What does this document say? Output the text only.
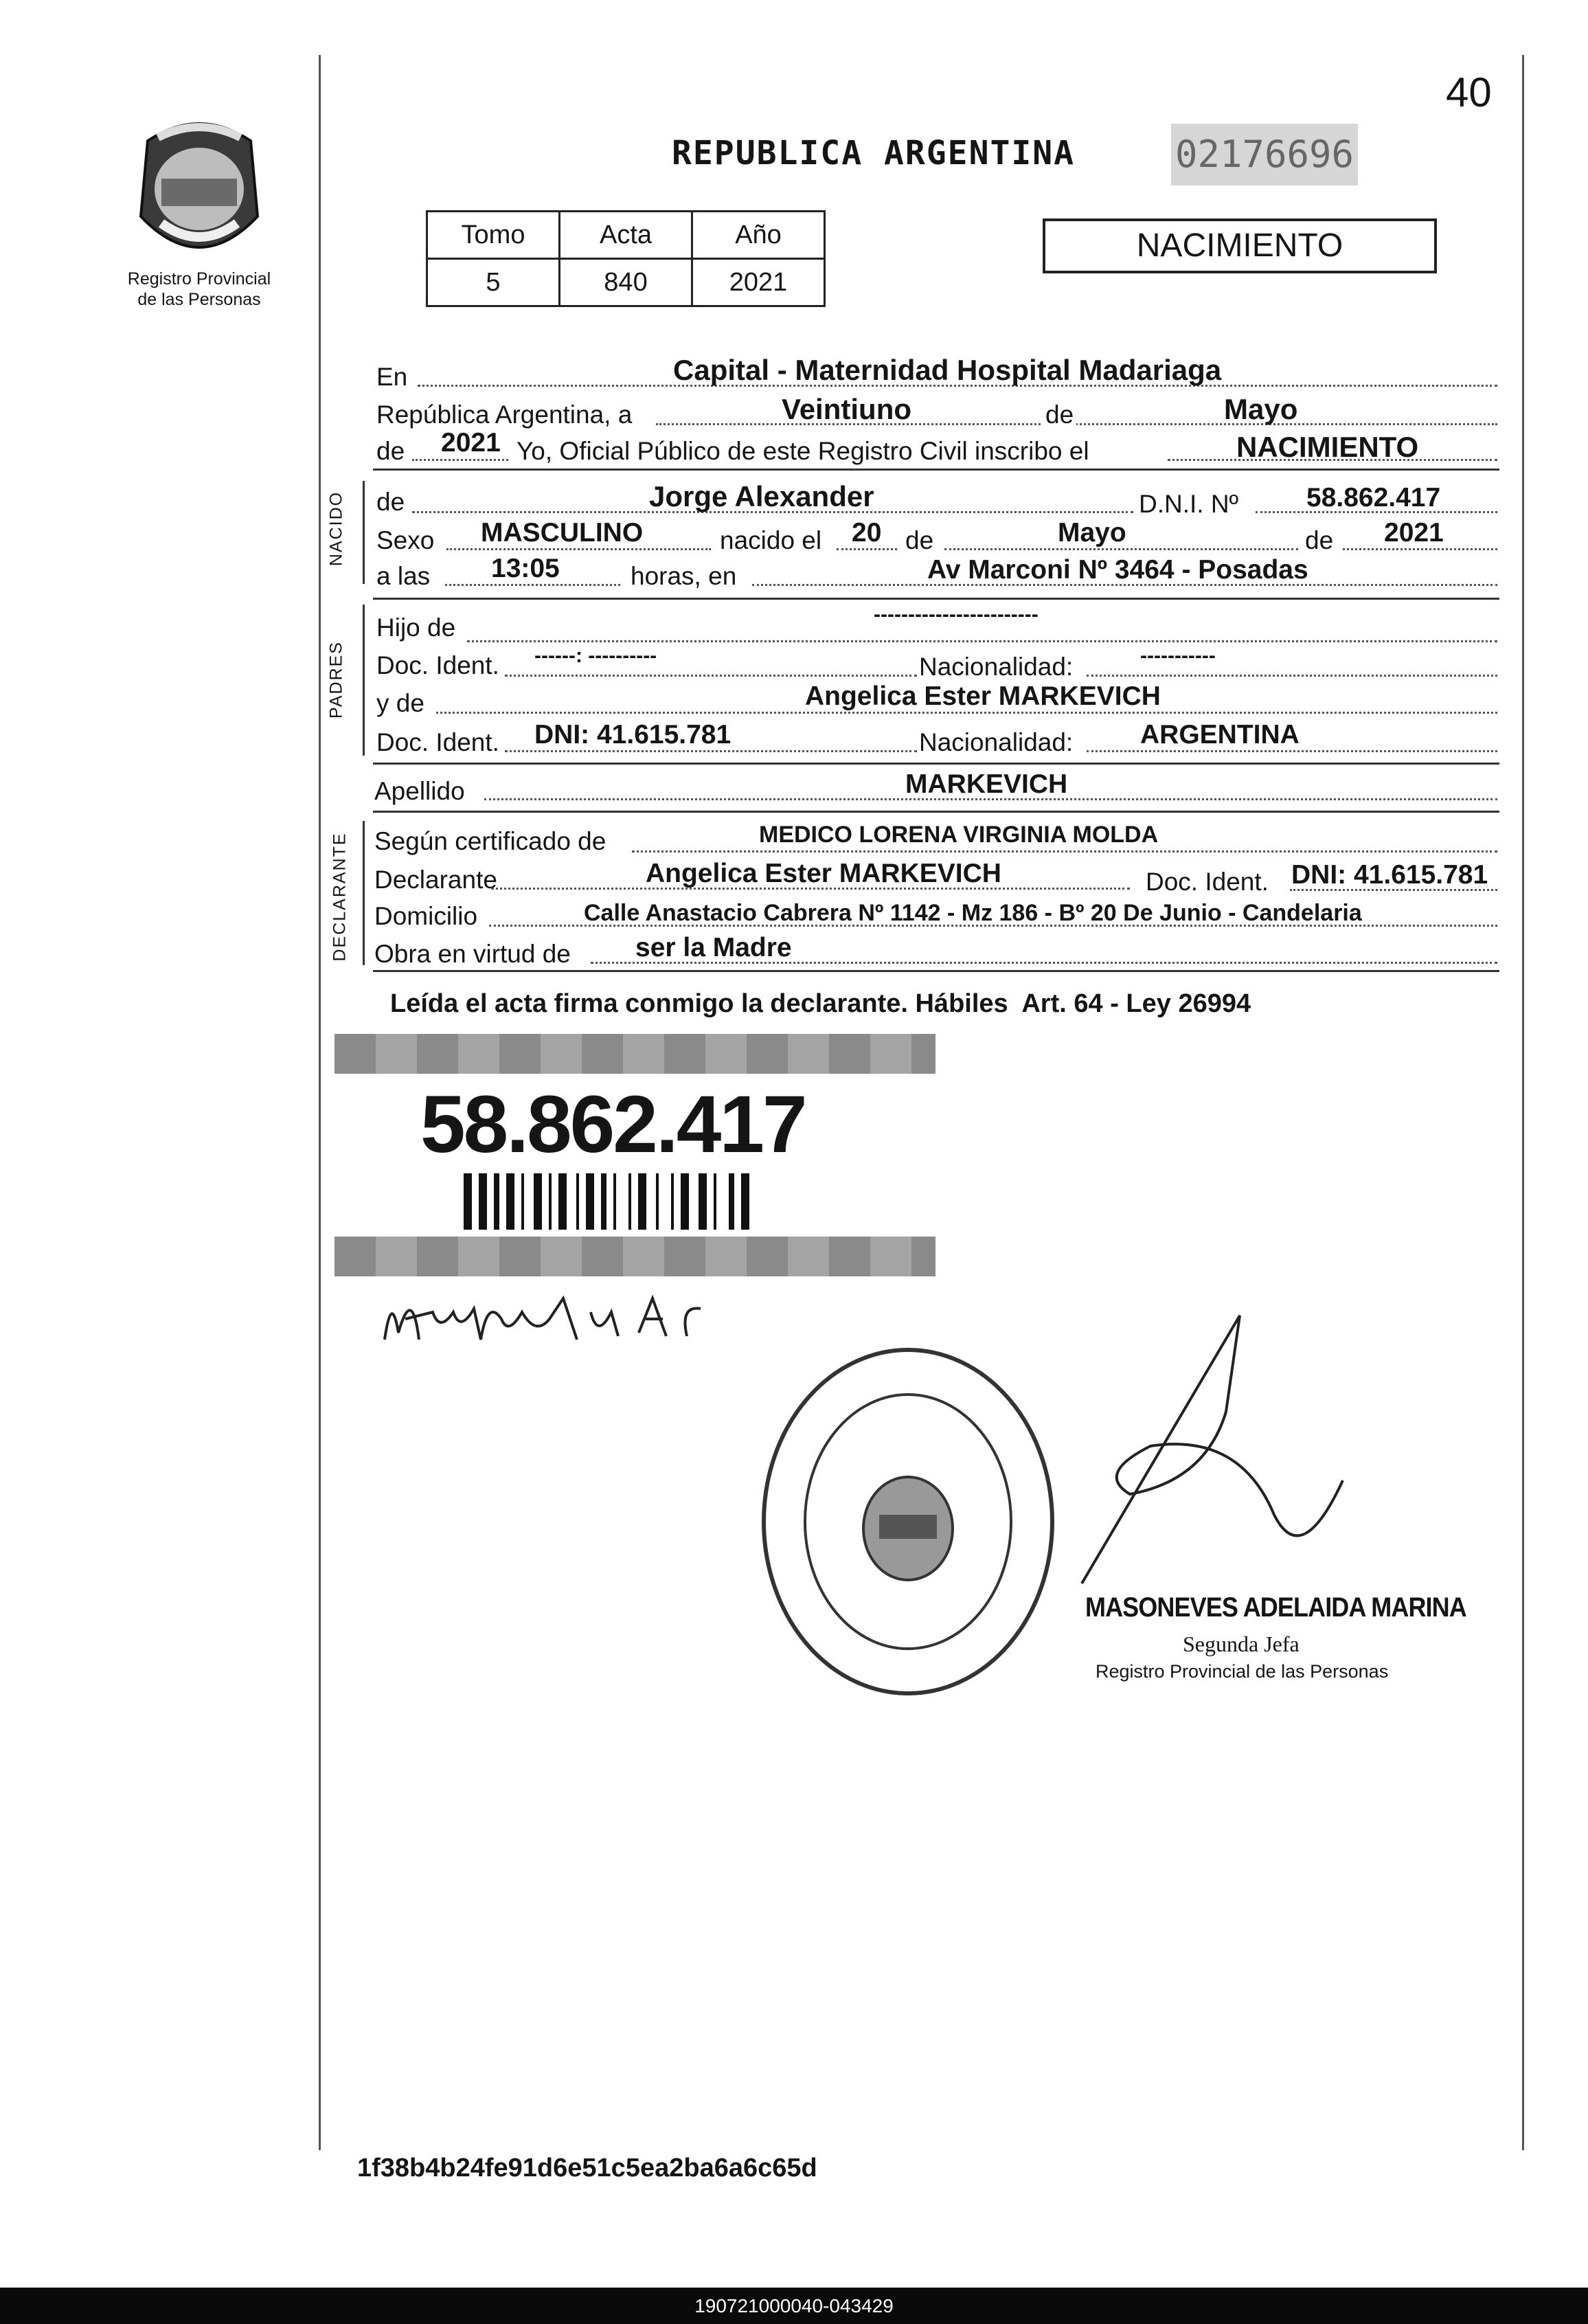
40
Registro Provincial
de las Personas
REPUBLICA ARGENTINA	02176696
Tomo	Acta	Año
5	840	2021
NACIMIENTO
NACIDO
PADRES
DECLARANTE
En	Capital - Maternidad Hospital Madariaga
República Argentina, a	Veintiuno	de	Mayo
de 2021 Yo, Oficial Público de este Registro Civil inscribo el	NACIMIENTO
de	Jorge Alexander	D.N.I. Nº	58.862.417
Sexo MASCULINO	nacido el 20 de	Mayo	de 2021
a las 13:05	horas, en	Av Marconi Nº 3464 - Posadas
Hijo de	------------------------
Doc. Ident. ------: ----------	Nacionalidad:	-----------
y de	Angelica Ester MARKEVICH
Doc. Ident. DNI: 41.615.781	Nacionalidad:	ARGENTINA
Apellido	MARKEVICH
Según certificado de	MEDICO LORENA VIRGINIA MOLDA
Declarante	Angelica Ester MARKEVICH	Doc. Ident. DNI: 41.615.781
Domicilio	Calle Anastacio Cabrera Nº 1142 - Mz 186 - Bº 20 De Junio - Candelaria
Obra en virtud de ser la Madre
Leída el acta firma conmigo la declarante. Hábiles  Art. 64 - Ley 26994
58.862.417
MASONEVES ADELAIDA MARINA
Segunda Jefa
Registro Provincial de las Personas
1f38b4b24fe91d6e51c5ea2ba6a6c65d
190721000040-043429
